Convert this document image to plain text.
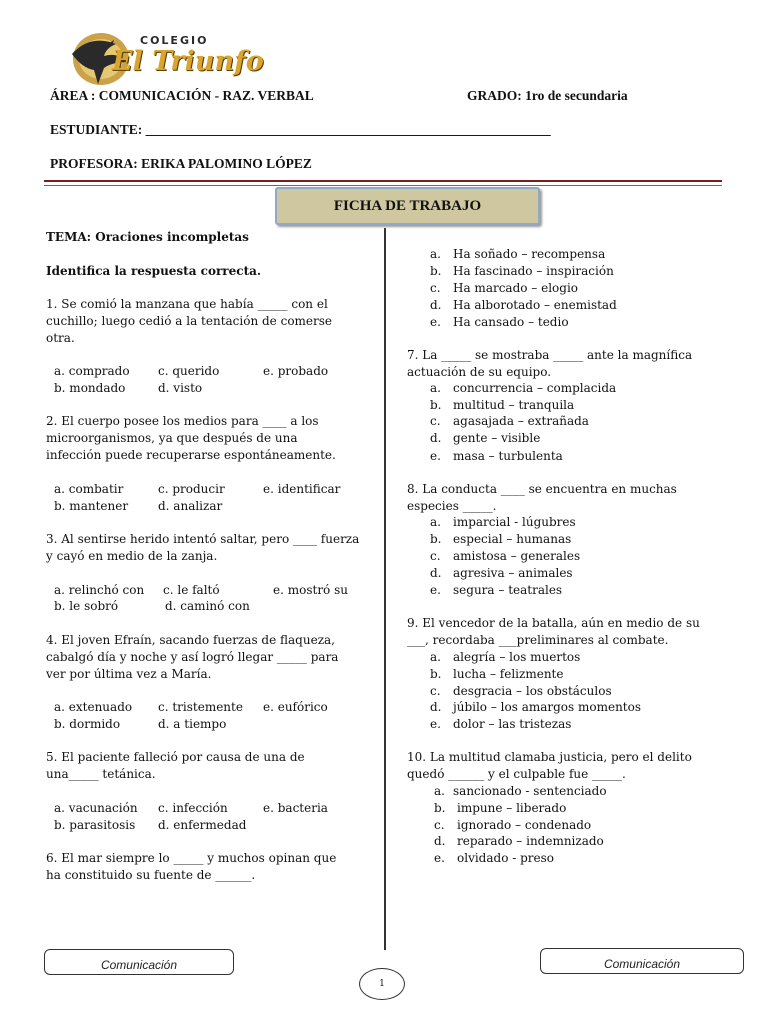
COLEGIO
El Triunfo
ÁREA : COMUNICACIÓN - RAZ. VERBAL	GRADO: 1ro de secundaria
ESTUDIANTE: ____________________________________________________________
PROFESORA: ERIKA PALOMINO LÓPEZ
FICHA DE TRABAJO
TEMA: Oraciones incompletas
Identifica la respuesta correcta.
1. Se comió la manzana que había _____ con el
cuchillo; luego cedió a la tentación de comerse
otra.
a. comprado c. querido	e. probado
b. mondado	d. visto
2. El cuerpo posee los medios para ____ a los
microorganismos, ya que después de una
infección puede recuperarse espontáneamente.
a. combatir	c. producir	e. identificar
b. mantener d. analizar
3. Al sentirse herido intentó saltar, pero ____ fuerza
y cayó en medio de la zanja.
a. relinchó con c. le faltó	e. mostró su
b. le sobró	d. caminó con
4. El joven Efraín, sacando fuerzas de flaqueza,
cabalgó día y noche y así logró llegar _____ para
ver por última vez a María.
a. extenuado c. tristemente e. eufórico
b. dormido	d. a tiempo
5. El paciente falleció por causa de una de
una_____ tetánica.
a. vacunación c. infección	e. bacteria
b. parasitosis d. enfermedad
6. El mar siempre lo _____ y muchos opinan que
ha constituido su fuente de ______.
a. Ha soñado – recompensa
b. Ha fascinado – inspiración
c. Ha marcado – elogio
d. Ha alborotado – enemistad
e. Ha cansado – tedio
7. La _____ se mostraba _____ ante la magnífica
actuación de su equipo.
a. concurrencia – complacida
b. multitud – tranquila
c. agasajada – extrañada
d. gente – visible
e. masa – turbulenta
8. La conducta ____ se encuentra en muchas
especies _____.
a. imparcial - lúgubres
b. especial – humanas
c. amistosa – generales
d. agresiva – animales
e. segura – teatrales
9. El vencedor de la batalla, aún en medio de su
___, recordaba ___preliminares al combate.
a. alegría – los muertos
b. lucha – felizmente
c. desgracia – los obstáculos
d. júbilo – los amargos momentos
e. dolor – las tristezas
10. La multitud clamaba justicia, pero el delito
quedó ______ y el culpable fue _____.
a. sancionado - sentenciado
b. impune – liberado
c. ignorado – condenado
d. reparado – indemnizado
e. olvidado - preso
Comunicación	Comunicación
1
